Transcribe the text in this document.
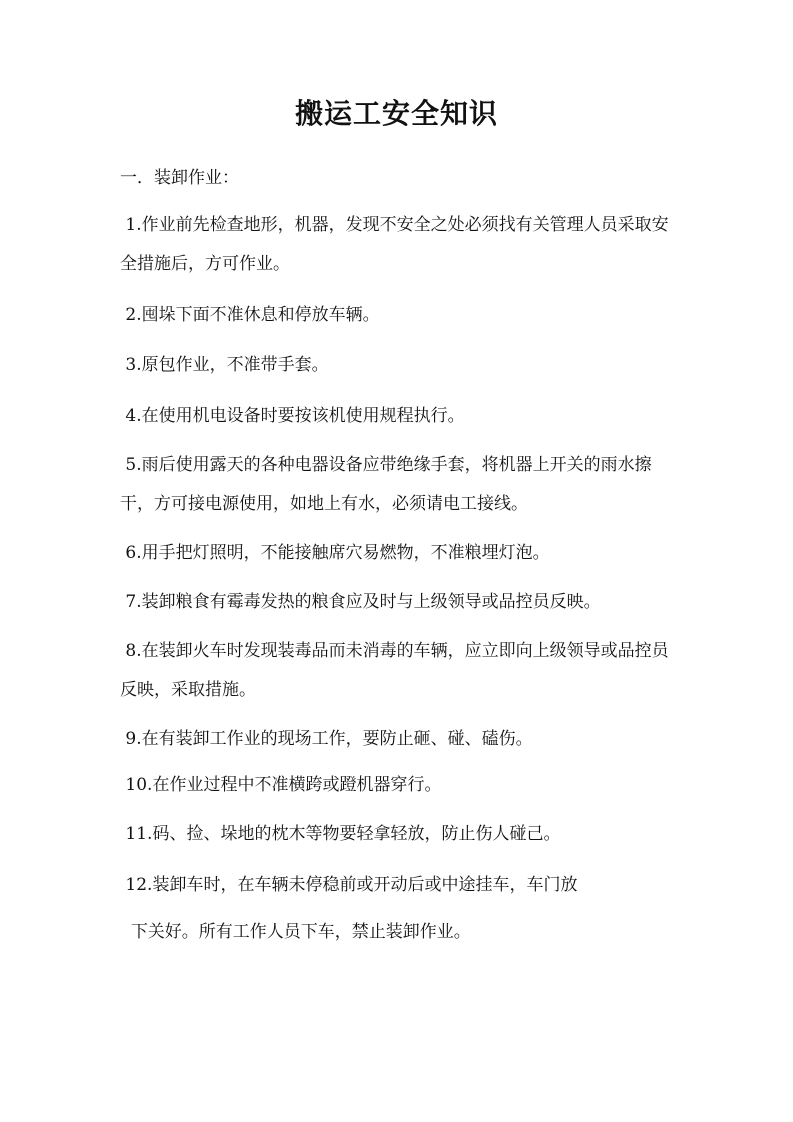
搬运工安全知识
一．装卸作业：
1.作业前先检查地形，机器，发现不安全之处必须找有关管理人员采取安全措施后，方可作业。
2.囤垛下面不准休息和停放车辆。
3.原包作业，不准带手套。
4.在使用机电设备时要按该机使用规程执行。
5.雨后使用露天的各种电器设备应带绝缘手套，将机器上开关的雨水擦干，方可接电源使用，如地上有水，必须请电工接线。
6.用手把灯照明，不能接触席穴易燃物，不准粮埋灯泡。
7.装卸粮食有霉毒发热的粮食应及时与上级领导或品控员反映。
8.在装卸火车时发现装毒品而未消毒的车辆，应立即向上级领导或品控员反映，采取措施。
9.在有装卸工作业的现场工作，要防止砸、碰、磕伤。
10.在作业过程中不准横跨或蹬机器穿行。
11.码、捡、垛地的枕木等物要轻拿轻放，防止伤人碰己。
12.装卸车时，在车辆未停稳前或开动后或中途挂车，车门放
下关好。所有工作人员下车，禁止装卸作业。
